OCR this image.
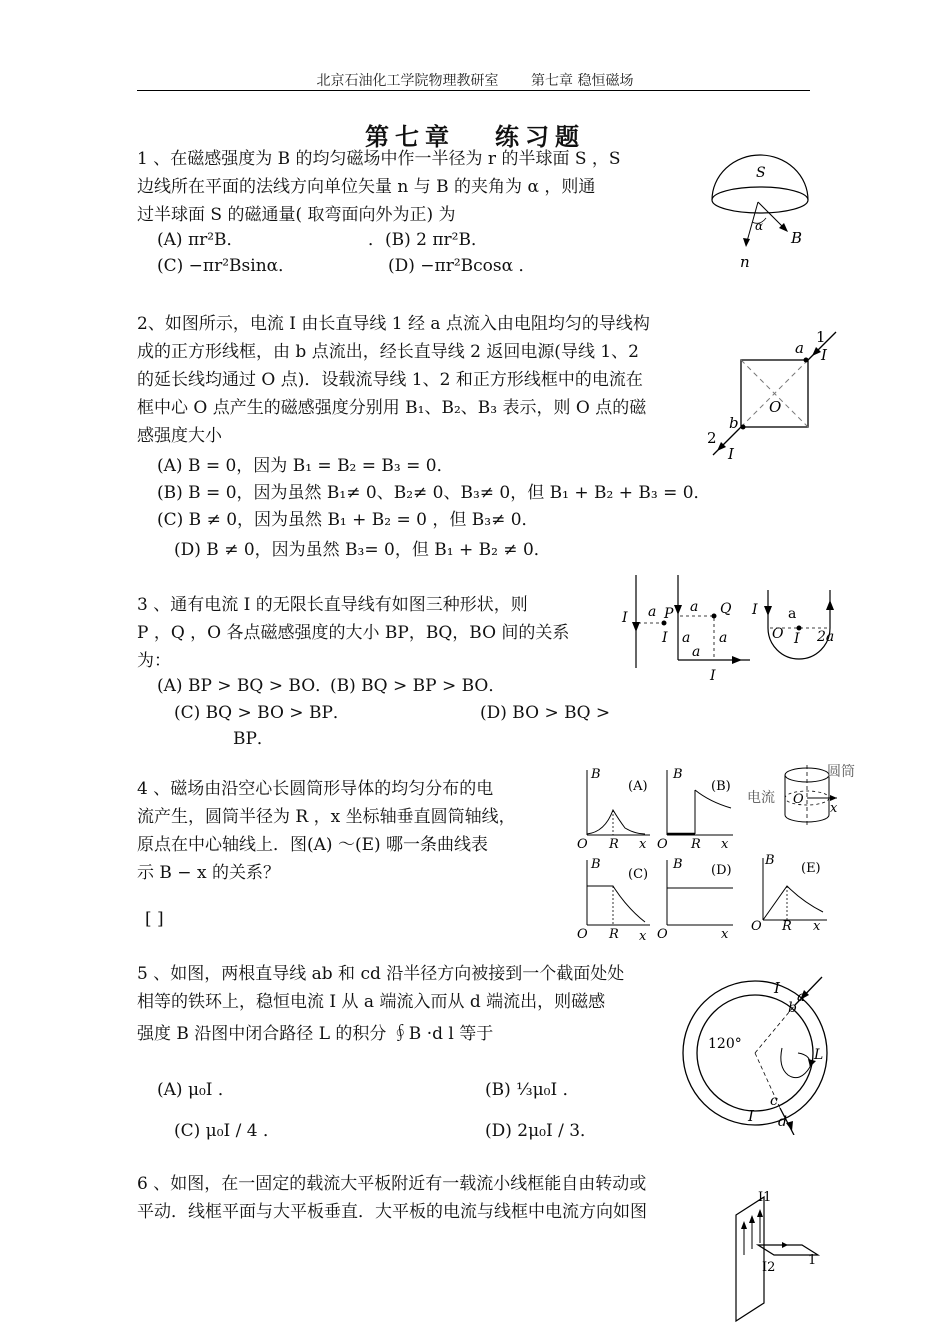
北京石油化工学院物理教研室 第七章 稳恒磁场
第七章 练习题
1 、在磁感强度为 B 的均匀磁场中作一半径为 r 的半球面 S ，S
边线所在平面的法线方向单位矢量 n 与 B 的夹角为 α ，则通
过半球面 S 的磁通量( 取弯面向外为正) 为
(A) πr²B．	．(B) 2 πr²B．
(C) −πr²Bsinα．	(D) −πr²Bcosα ．
S
α
B
n
2、如图所示，电流 I 由长直导线 1 经 a 点流入由电阻均匀的导线构
成的正方形线框，由 b 点流出，经长直导线 2 返回电源(导线 1、2
的延长线均通过 O 点)．设载流导线 1、2 和正方形线框中的电流在
框中心 O 点产生的磁感强度分别用 B₁、B₂、B₃ 表示，则 O 点的磁
感强度大小
(A) B = 0，因为 B₁ = B₂ = B₃ = 0．
(B) B = 0，因为虽然 B₁≠ 0、B₂≠ 0、B₃≠ 0，但 B₁ + B₂ + B₃ = 0．
(C) B ≠ 0，因为虽然 B₁ + B₂ = 0 ，但 B₃≠ 0．
(D) B ≠ 0，因为虽然 B₃= 0，但 B₁ + B₂ ≠ 0．
1
I
a
O
b
2
I
3 、通有电流 I 的无限长直导线有如图三种形状，则
P ，Q ，O 各点磁感强度的大小 BP，BQ，BO 间的关系
为：
(A) BP > BQ > BO．
(B) BQ > BP > BO．
(C) BQ > BO > BP．	(D) BO > BQ >
BP．
I a P
I a
a Q
a
a
I
I
2a
a
O I
4 、磁场由沿空心长圆筒形导体的均匀分布的电
流产生，圆筒半径为 R ，x 坐标轴垂直圆筒轴线，
原点在中心轴线上．图(A) ～(E) 哪一条曲线表
示 B − x 的关系？
[ ]
B
(A)
O R x
B
(B)
O R x
圆筒
电流 O
x
B
(C)
O R x
B (D)
O	x
B
(E)
O R x
5 、如图，两根直导线 ab 和 cd 沿半径方向被接到一个截面处处
相等的铁环上，稳恒电流 I 从 a 端流入而从 d 端流出，则磁感
强度 B 沿图中闭合路径 L 的积分 ∮B ·d l 等于
(A) μ₀I ．	(B) ⅓μ₀I ．
(C) μ₀I / 4 ．	(D) 2μ₀I / 3．
I a
b
120°
L
c
I d
6 、如图，在一固定的载流大平板附近有一载流小线框能自由转动或
平动．线框平面与大平板垂直．大平板的电流与线框中电流方向如图
I1
I2	1
